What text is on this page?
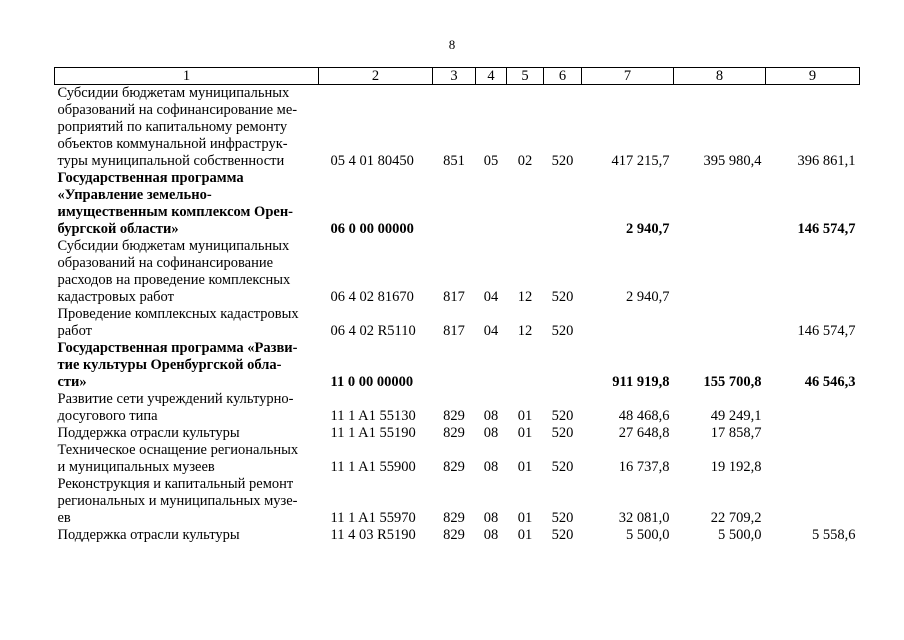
8
1	2	3	4	5	6	7	8	9

Субсидии бюджетам муниципальных
образований на софинансирование ме-
роприятий по капитальному ремонту
объектов коммунальной инфраструк-
туры муниципальной собственности	05 4 01 80450	851	05	02	520	417 215,7	395 980,4	396 861,1

Государственная программа
«Управление земельно-
имущественным комплексом Орен-
бургской области»	06 0 00 00000					2 940,7		146 574,7

Субсидии бюджетам муниципальных
образований на софинансирование
расходов на проведение комплексных
кадастровых работ	06 4 02 81670	817	04	12	520	2 940,7		

Проведение комплексных кадастровых
работ	06 4 02 R5110	817	04	12	520			146 574,7

Государственная программа «Разви-
тие культуры Оренбургской обла-
сти»	11 0 00 00000					911 919,8	155 700,8	46 546,3

Развитие сети учреждений культурно-
досугового типа	11 1 A1 55130	829	08	01	520	48 468,6	49 249,1	

Поддержка отрасли культуры	11 1 A1 55190	829	08	01	520	27 648,8	17 858,7	

Техническое оснащение региональных
и муниципальных музеев	11 1 A1 55900	829	08	01	520	16 737,8	19 192,8	

Реконструкция и капитальный ремонт
региональных и муниципальных музе-
ев	11 1 A1 55970	829	08	01	520	32 081,0	22 709,2	

Поддержка отрасли культуры	11 4 03 R5190	829	08	01	520	5 500,0	5 500,0	5 558,6
